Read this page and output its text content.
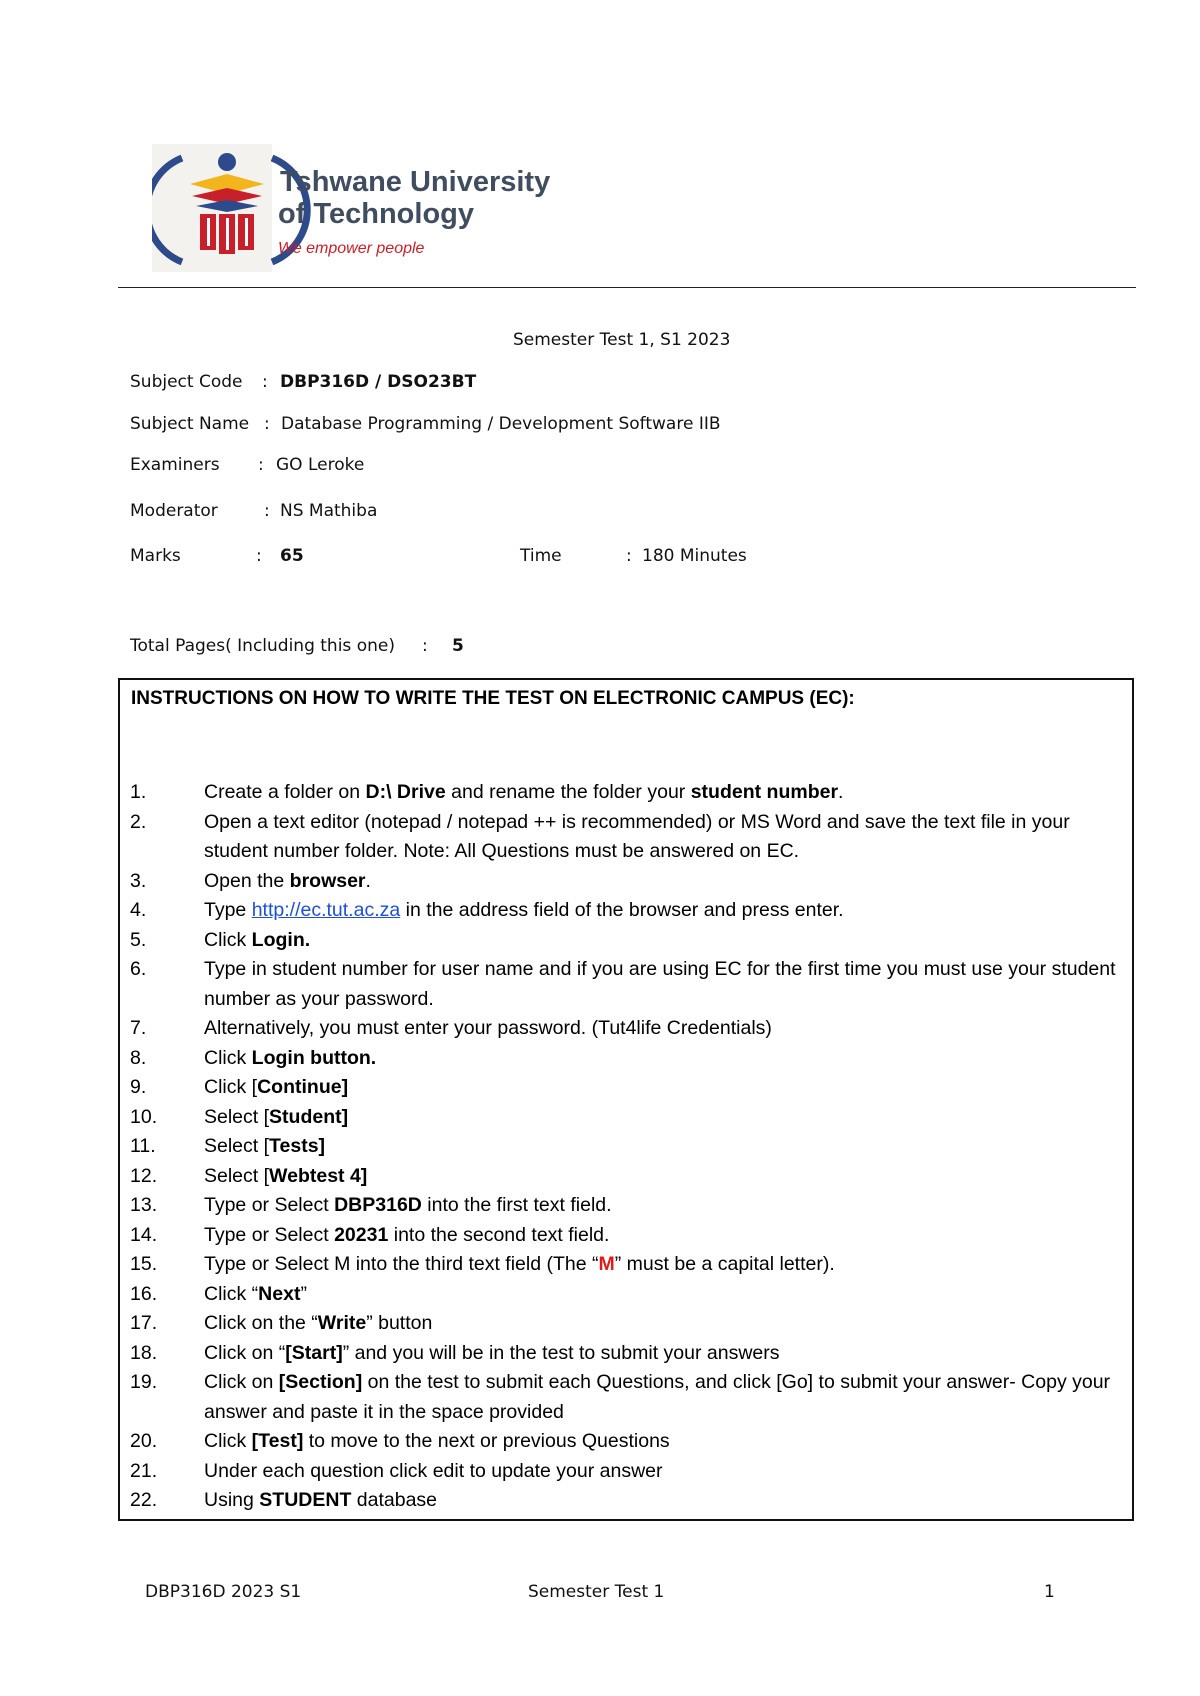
Tshwane University
of Technology
We empower people
Semester Test 1, S1 2023
Subject Code : DBP316D / DSO23BT
Subject Name : Database Programming / Development Software IIB
Examiners : GO Leroke
Moderator	: NS Mathiba
Marks	: 65	Time	: 180 Minutes
Total Pages( Including this one) : 5
INSTRUCTIONS ON HOW TO WRITE THE TEST ON ELECTRONIC CAMPUS (EC):
1.	Create a folder on D:\ Drive and rename the folder your student number.
2.	Open a text editor (notepad / notepad ++ is recommended) or MS Word and save the text file in your student number folder. Note: All Questions must be answered on EC.
3.	Open the browser.
4.	Type http://ec.tut.ac.za in the address field of the browser and press enter.
5.	Click Login.
6.	Type in student number for user name and if you are using EC for the first time you must use your student number as your password.
7.	Alternatively, you must enter your password. (Tut4life Credentials)
8.	Click Login button.
9.	Click [Continue]
10.	Select [Student]
11.	Select [Tests]
12.	Select [Webtest 4]
13.	Type or Select DBP316D into the first text field.
14.	Type or Select 20231 into the second text field.
15.	Type or Select M into the third text field (The “M” must be a capital letter).
16.	Click “Next”
17.	Click on the “Write” button
18.	Click on “[Start]” and you will be in the test to submit your answers
19.	Click on [Section] on the test to submit each Questions, and click [Go] to submit your answer- Copy your answer and paste it in the space provided
20.	Click [Test] to move to the next or previous Questions
21.	Under each question click edit to update your answer
22.	Using STUDENT database
DBP316D 2023 S1	Semester Test 1	1
